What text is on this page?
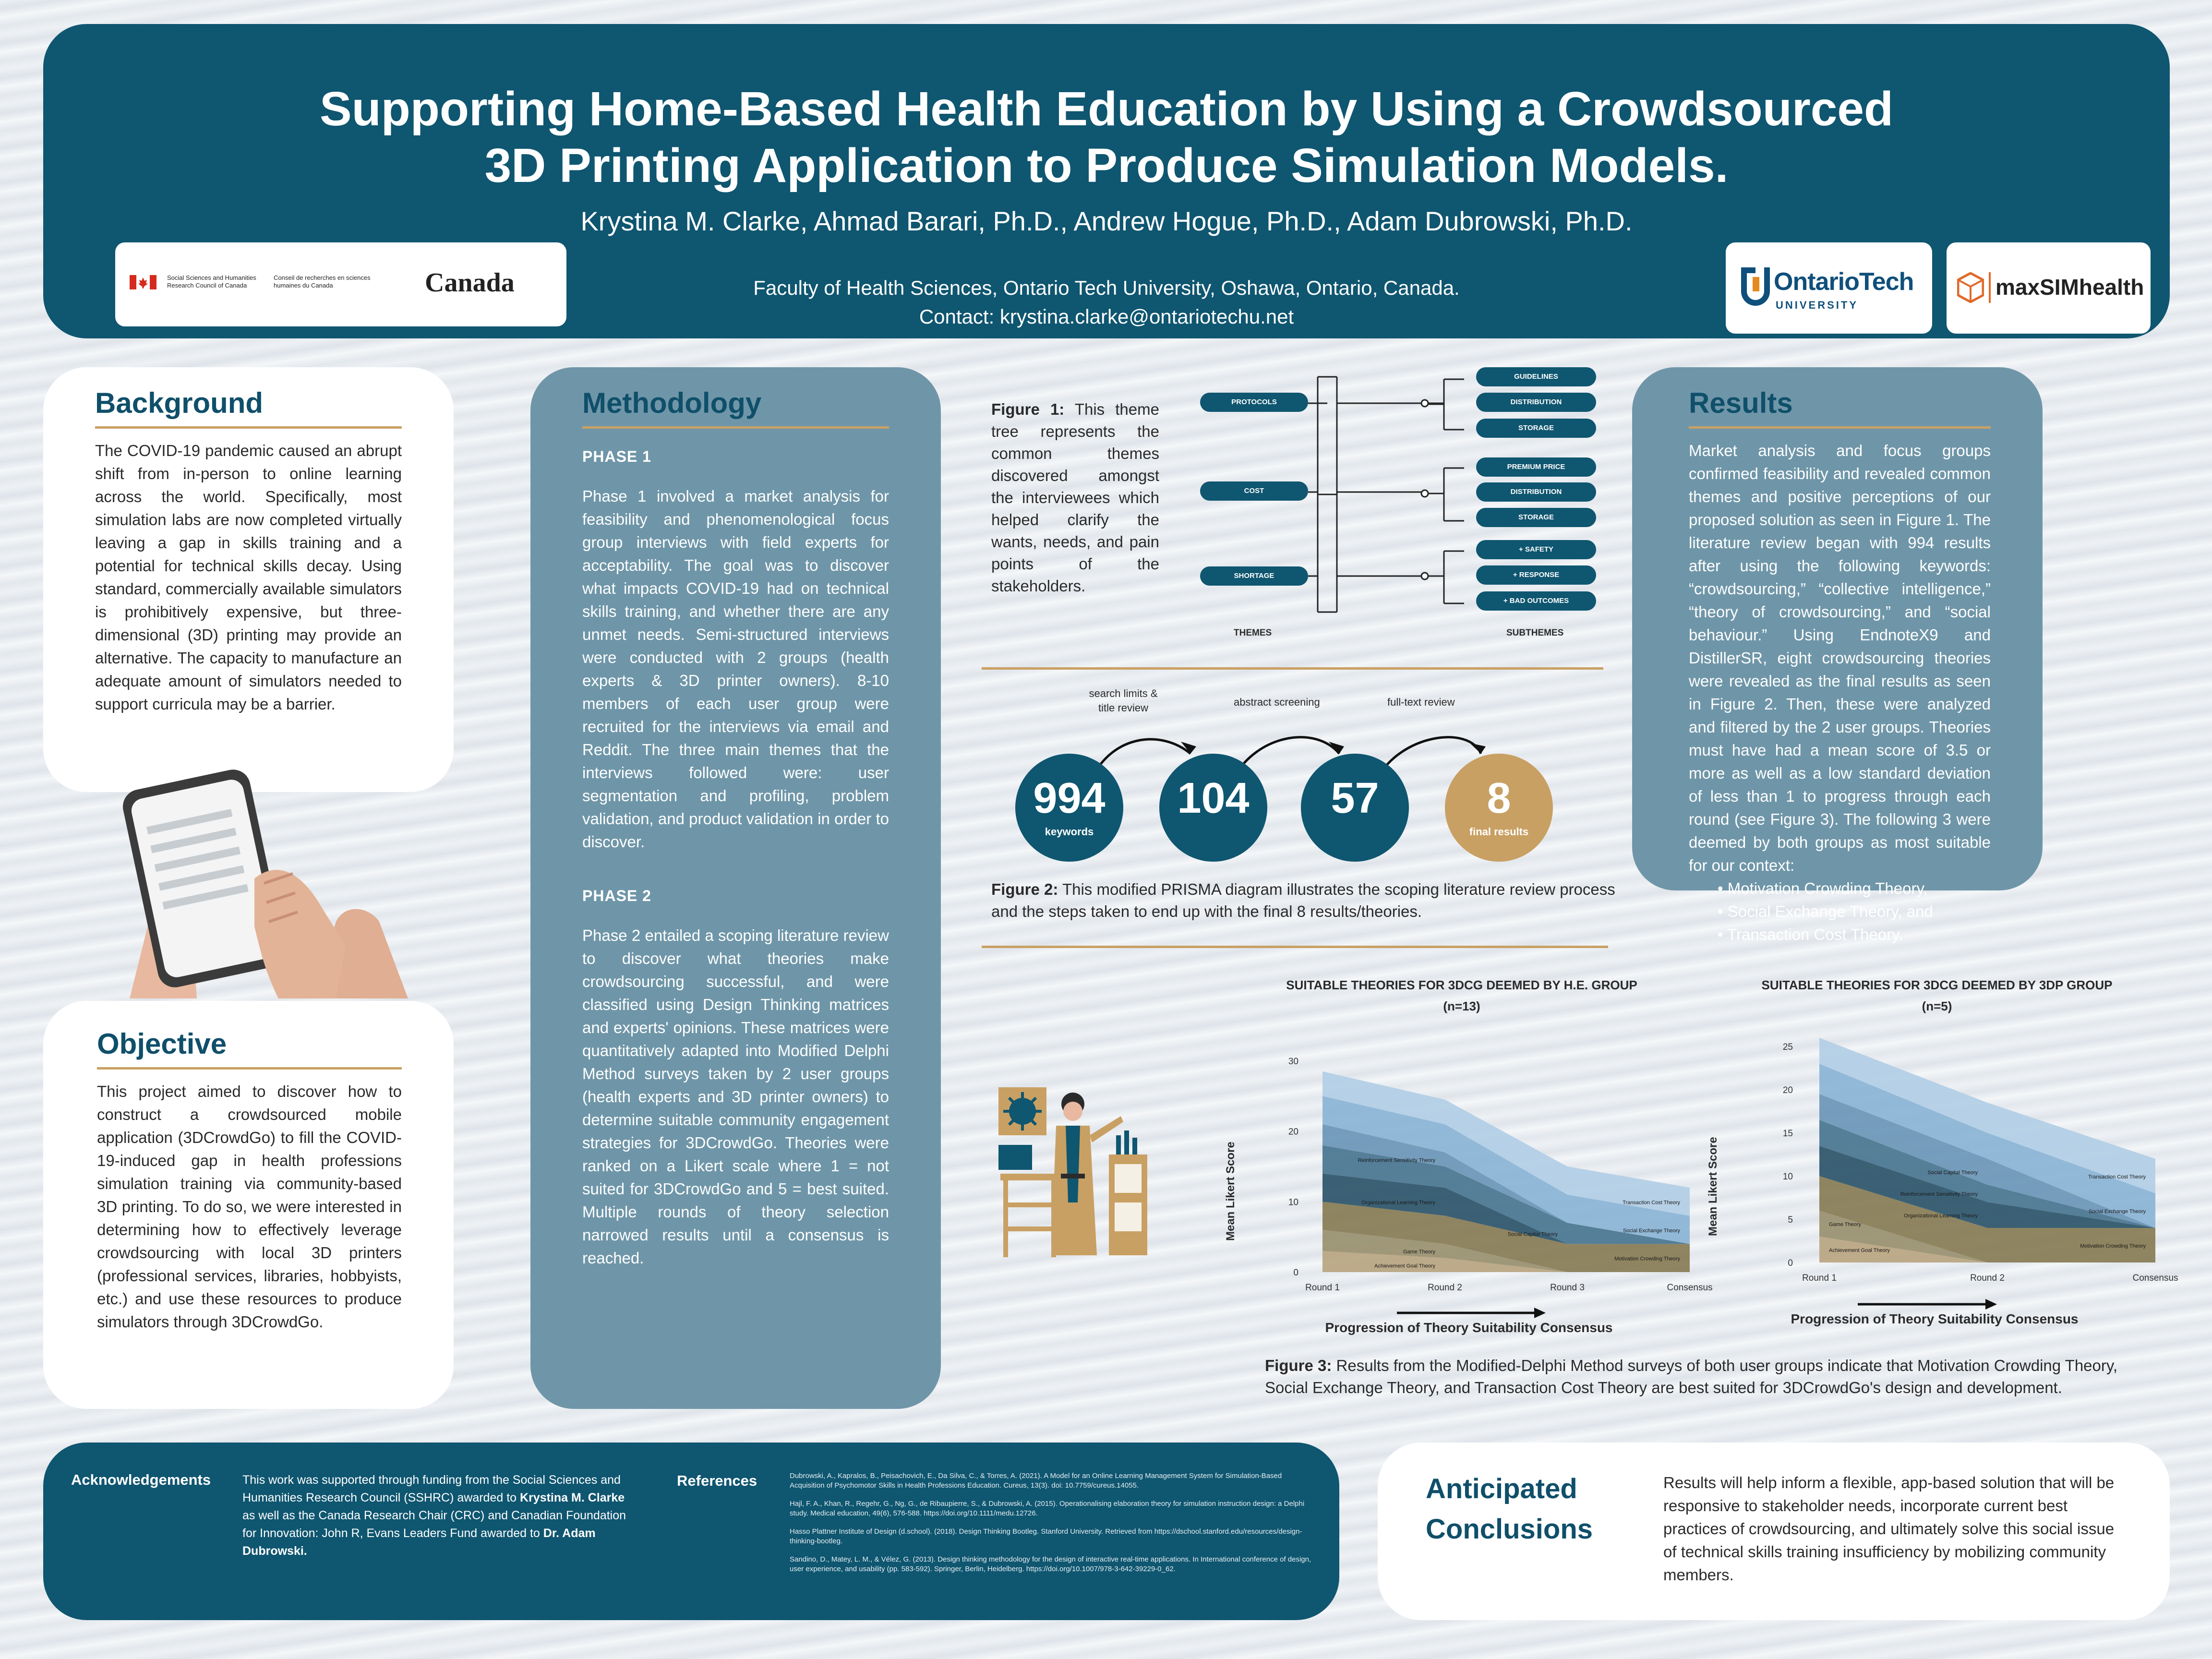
Supporting Home-Based Health Education by Using a Crowdsourced
3D Printing Application to Produce Simulation Models.
Krystina M. Clarke, Ahmad Barari, Ph.D., Andrew Hogue, Ph.D., Adam Dubrowski, Ph.D.
Faculty of Health Sciences, Ontario Tech University, Oshawa, Ontario, Canada.
Contact: krystina.clarke@ontariotechu.net
Social Sciences and Humanities Research Council of Canada
Conseil de recherches en sciences humaines du Canada	Canada	OntarioTech
UNIVERSITY
maxSIMhealth
Background
The COVID-19 pandemic caused an abrupt shift from in-person to online learning across the world. Specifically, most simulation labs are now completed virtually leaving a gap in skills training and a potential for technical skills decay. Using standard, commercially available simulators is prohibitively expensive, but three-dimensional (3D) printing may provide an alternative. The capacity to manufacture an adequate amount of simulators needed to support curricula may be a barrier.
Objective
This project aimed to discover how to construct a crowdsourced mobile application (3DCrowdGo) to fill the COVID-19-induced gap in health professions simulation training via community-based 3D printing. To do so, we were interested in determining how to effectively leverage crowdsourcing with local 3D printers (professional services, libraries, hobbyists, etc.) and use these resources to produce simulators through 3DCrowdGo.
Methodology
PHASE 1
Phase 1 involved a market analysis for feasibility and phenomenological focus group interviews with field experts for acceptability. The goal was to discover what impacts COVID-19 had on technical skills training, and whether there are any unmet needs. Semi-structured interviews were conducted with 2 groups (health experts & 3D printer owners). 8-10 members of each user group were recruited for the interviews via email and Reddit. The three main themes that the interviews followed were: user segmentation and profiling, problem validation, and product validation in order to discover.
PHASE 2
Phase 2 entailed a scoping literature review to discover what theories make crowdsourcing successful, and were classified using Design Thinking matrices and experts' opinions. These matrices were quantitatively adapted into Modified Delphi Method surveys taken by 2 user groups (health experts and 3D printer owners) to determine suitable community engagement strategies for 3DCrowdGo. Theories were ranked on a Likert scale where 1 = not suited for 3DCrowdGo and 5 = best suited. Multiple rounds of theory selection narrowed results until a consensus is reached.
Figure 1: This theme tree represents the common themes discovered amongst the interviewees which helped clarify the wants, needs, and pain points of the stakeholders.
PROTOCOLS
COST
SHORTAGE
GUIDELINES
DISTRIBUTION
STORAGE
PREMIUM PRICE
DISTRIBUTION
STORAGE
+ SAFETY
+ RESPONSE
+ BAD OUTCOMES
THEMES	SUBTHEMES
search limits & title review	abstract screening	full-text review
994
keywords
104	57	8
final results
Figure 2: This modified PRISMA diagram illustrates the scoping literature review process and the steps taken to end up with the final 8 results/theories.
SUITABLE THEORIES FOR 3DCG DEEMED BY H.E. GROUP
(n=13)
0
10
20
30
Round 1	Round 2	Round 3	Consensus
Achievement Goal Theory
Game Theory
Motivation Crowding Theory
Organizational Learning Theory
Social Capital Theory
Reinforcement Sensitivity Theory
Social Exchange Theory
Transaction Cost Theory
Mean Likert Score
Progression of Theory Suitability Consensus
SUITABLE THEORIES FOR 3DCG DEEMED BY 3DP GROUP
(n=5)
0
5
10
15
20
25
Round 1	Round 2	Consensus
Achievement Goal Theory
Game Theory
Motivation Crowding Theory
Organizational Learning Theory
Reinforcement Sensitivity Theory
Social Capital Theory
Social Exchange Theory
Transaction Cost Theory
Mean Likert Score
Progression of Theory Suitability Consensus
Figure 3: Results from the Modified-Delphi Method surveys of both user groups indicate that Motivation Crowding Theory, Social Exchange Theory, and Transaction Cost Theory are best suited for 3DCrowdGo's design and development.
Results
Market analysis and focus groups confirmed feasibility and revealed common themes and positive perceptions of our proposed solution as seen in Figure 1. The literature review began with 994 results after using the following keywords: “crowdsourcing,” “collective intelligence,” “theory of crowdsourcing,” and “social behaviour.” Using EndnoteX9 and DistillerSR, eight crowdsourcing theories were revealed as the final results as seen in Figure 2. Then, these were analyzed and filtered by the 2 user groups. Theories must have had a mean score of 3.5 or more as well as a low standard deviation of less than 1 to progress through each round (see Figure 3). The following 3 were deemed by both groups as most suitable for our context:
• Motivation Crowding Theory,
• Social Exchange Theory, and
• Transaction Cost Theory.
Acknowledgements	This work was supported through funding from the Social Sciences and Humanities Research Council (SSHRC) awarded to Krystina M. Clarke as well as the Canada Research Chair (CRC) and Canadian Foundation for Innovation: John R, Evans Leaders Fund awarded to Dr. Adam Dubrowski.
References	Dubrowski, A., Kapralos, B., Peisachovich, E., Da Silva, C., & Torres, A. (2021). A Model for an Online Learning Management System for Simulation-Based Acquisition of Psychomotor Skills in Health Professions Education. Cureus, 13(3). doi: 10.7759/cureus.14055.
Hajl, F. A., Khan, R., Regehr, G., Ng, G., de Ribaupierre, S., & Dubrowski, A. (2015). Operationalising elaboration theory for simulation instruction design: a Delphi study. Medical education, 49(6), 576-588. https://doi.org/10.1111/medu.12726.
Hasso Plattner Institute of Design (d.school). (2018). Design Thinking Bootleg. Stanford University. Retrieved from https://dschool.stanford.edu/resources/design-thinking-bootleg.
Sandino, D., Matey, L. M., & Vélez, G. (2013). Design thinking methodology for the design of interactive real-time applications. In International conference of design, user experience, and usability (pp. 583-592). Springer, Berlin, Heidelberg. https://doi.org/10.1007/978-3-642-39229-0_62.
Anticipated
Conclusions
Results will help inform a flexible, app-based solution that will be responsive to stakeholder needs, incorporate current best practices of crowdsourcing, and ultimately solve this social issue of technical skills training insufficiency by mobilizing community members.
